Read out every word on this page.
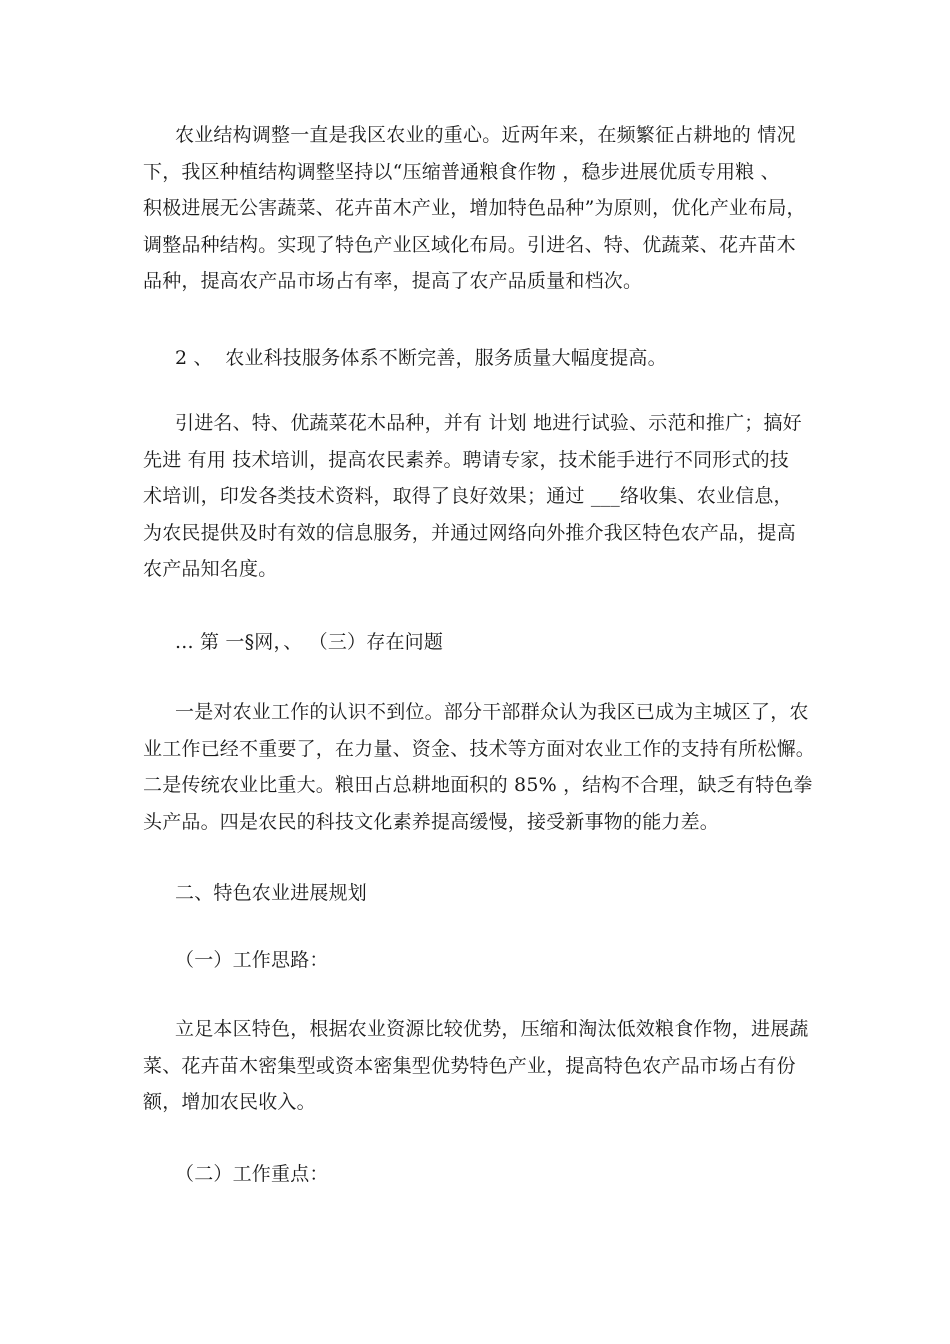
农业结构调整一直是我区农业的重心。近两年来，在频繁征占耕地的 情况
下，我区种植结构调整坚持以“压缩普通粮食作物 ，稳步进展优质专用粮 、
积极进展无公害蔬菜、花卉苗木产业，增加特色品种”为原则，优化产业布局，
调整品种结构。实现了特色产业区域化布局。引进名、特、优蔬菜、花卉苗木
品种，提高农产品市场占有率，提高了农产品质量和档次。
2 、  农业科技服务体系不断完善，服务质量大幅度提高。
引进名、特、优蔬菜花木品种，并有 计划 地进行试验、示范和推广；搞好
先进 有用 技术培训，提高农民素养。聘请专家，技术能手进行不同形式的技
术培训，印发各类技术资料，取得了良好效果；通过 ___络收集、农业信息，
为农民提供及时有效的信息服务，并通过网络向外推介我区特色农产品，提高
农产品知名度。
... 第 一§网，、 （三）存在问题
一是对农业工作的认识不到位。部分干部群众认为我区已成为主城区了，农
业工作已经不重要了，在力量、资金、技术等方面对农业工作的支持有所松懈。
二是传统农业比重大。粮田占总耕地面积的 85% ，结构不合理，缺乏有特色拳
头产品。四是农民的科技文化素养提高缓慢，接受新事物的能力差。
二、特色农业进展规划
（一）工作思路：
立足本区特色，根据农业资源比较优势，压缩和淘汰低效粮食作物，进展蔬
菜、花卉苗木密集型或资本密集型优势特色产业，提高特色农产品市场占有份
额，增加农民收入。
（二）工作重点：
